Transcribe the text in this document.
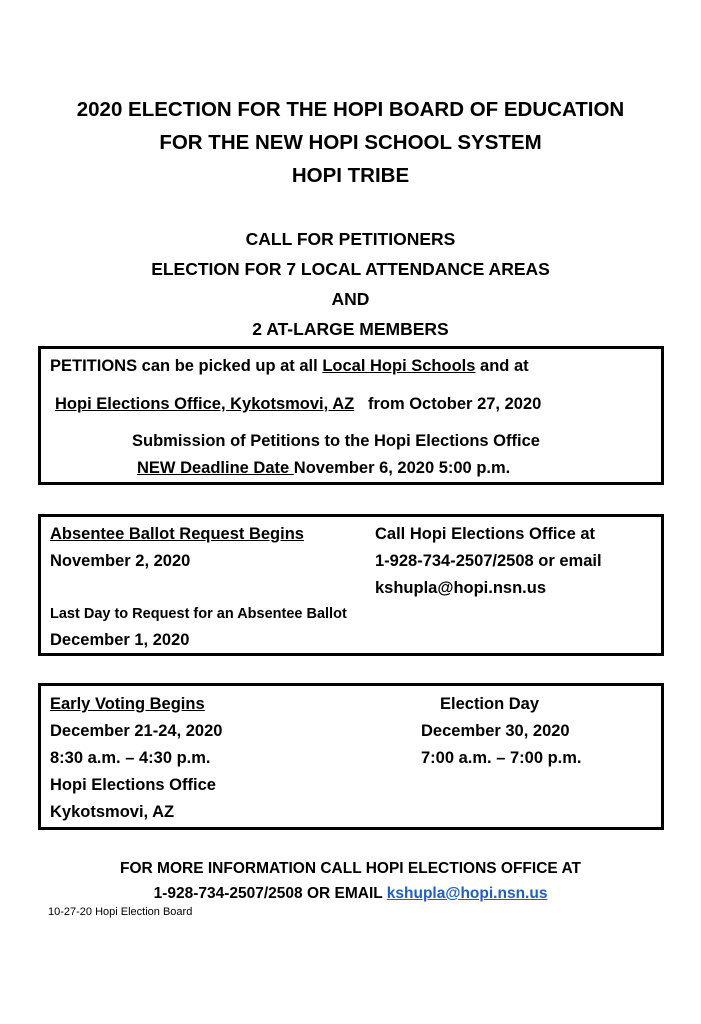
2020 ELECTION FOR THE HOPI BOARD OF EDUCATION
FOR THE NEW HOPI SCHOOL SYSTEM
HOPI TRIBE
CALL FOR PETITIONERS
ELECTION FOR 7 LOCAL ATTENDANCE AREAS
AND
2 AT-LARGE MEMBERS
PETITIONS can be picked up at all Local Hopi Schools and at
Hopi Elections Office, Kykotsmovi, AZ from October 27, 2020
Submission of Petitions to the Hopi Elections Office
NEW Deadline Date November 6, 2020 5:00 p.m.
Absentee Ballot Request Begins
November 2, 2020
Call Hopi Elections Office at
1-928-734-2507/2508 or email
kshupla@hopi.nsn.us
Last Day to Request for an Absentee Ballot
December 1, 2020
Early Voting Begins
December 21-24, 2020
8:30 a.m. – 4:30 p.m.
Hopi Elections Office
Kykotsmovi, AZ
Election Day
December 30, 2020
7:00 a.m. – 7:00 p.m.
FOR MORE INFORMATION CALL HOPI ELECTIONS OFFICE AT
1-928-734-2507/2508 OR EMAIL kshupla@hopi.nsn.us
10-27-20 Hopi Election Board
